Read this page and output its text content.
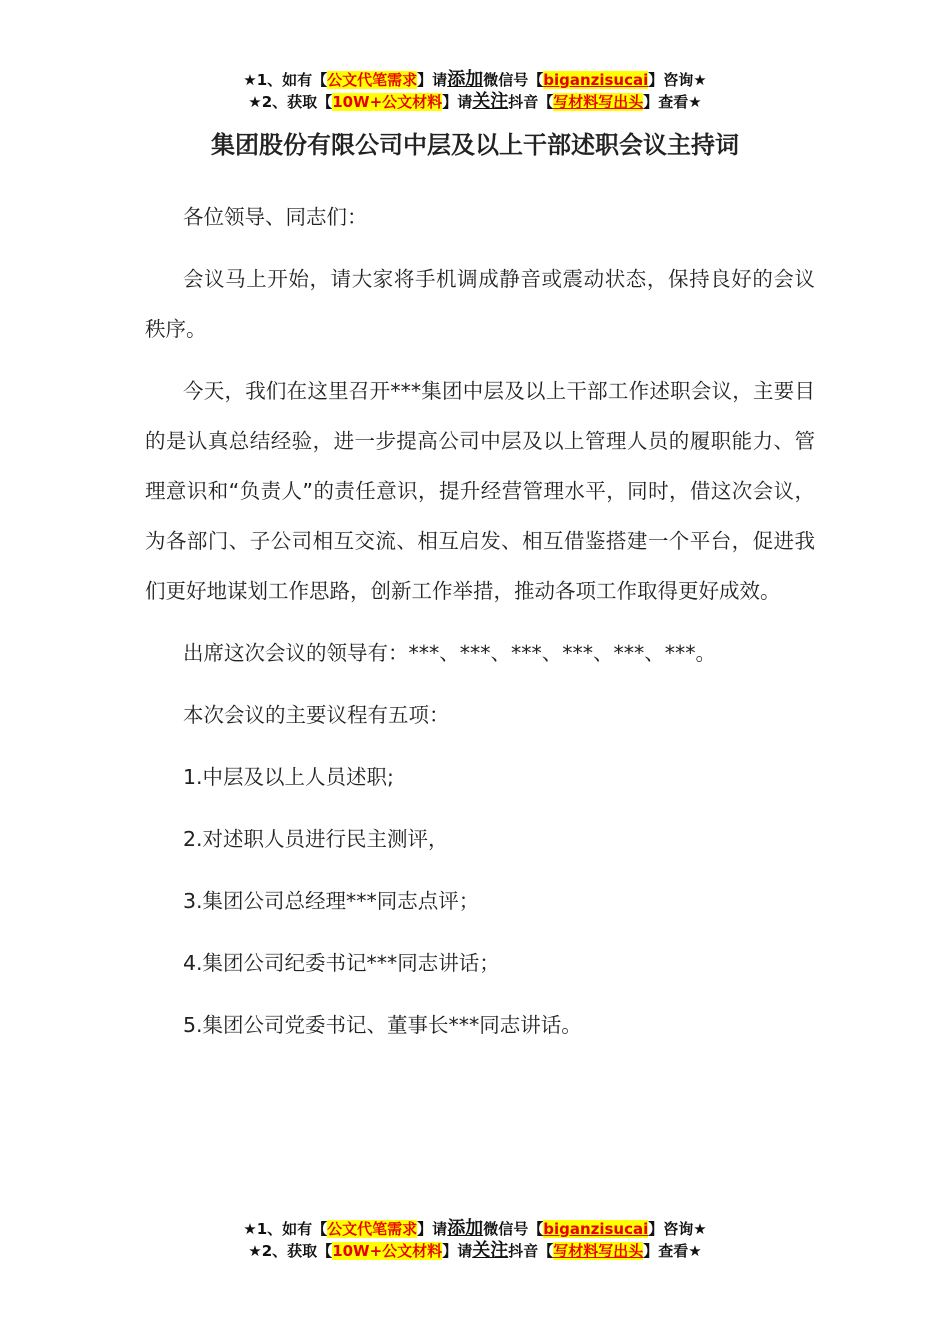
★1、如有【公文代笔需求】请添加微信号【biganzisucai】咨询★
★2、获取【10W+公文材料】请关注抖音【写材料写出头】查看★
集团股份有限公司中层及以上干部述职会议主持词

各位领导、同志们：

会议马上开始，请大家将手机调成静音或震动状态，保持良好的会议秩序。

今天，我们在这里召开***集团中层及以上干部工作述职会议，主要目的是认真总结经验，进一步提高公司中层及以上管理人员的履职能力、管理意识和“负责人”的责任意识，提升经营管理水平，同时，借这次会议，为各部门、子公司相互交流、相互启发、相互借鉴搭建一个平台，促进我们更好地谋划工作思路，创新工作举措，推动各项工作取得更好成效。

出席这次会议的领导有：***、***、***、***、***、***。

本次会议的主要议程有五项：

1.中层及以上人员述职;

2.对述职人员进行民主测评，

3.集团公司总经理***同志点评；

4.集团公司纪委书记***同志讲话；

5.集团公司党委书记、董事长***同志讲话。

★1、如有【公文代笔需求】请添加微信号【biganzisucai】咨询★
★2、获取【10W+公文材料】请关注抖音【写材料写出头】查看★
